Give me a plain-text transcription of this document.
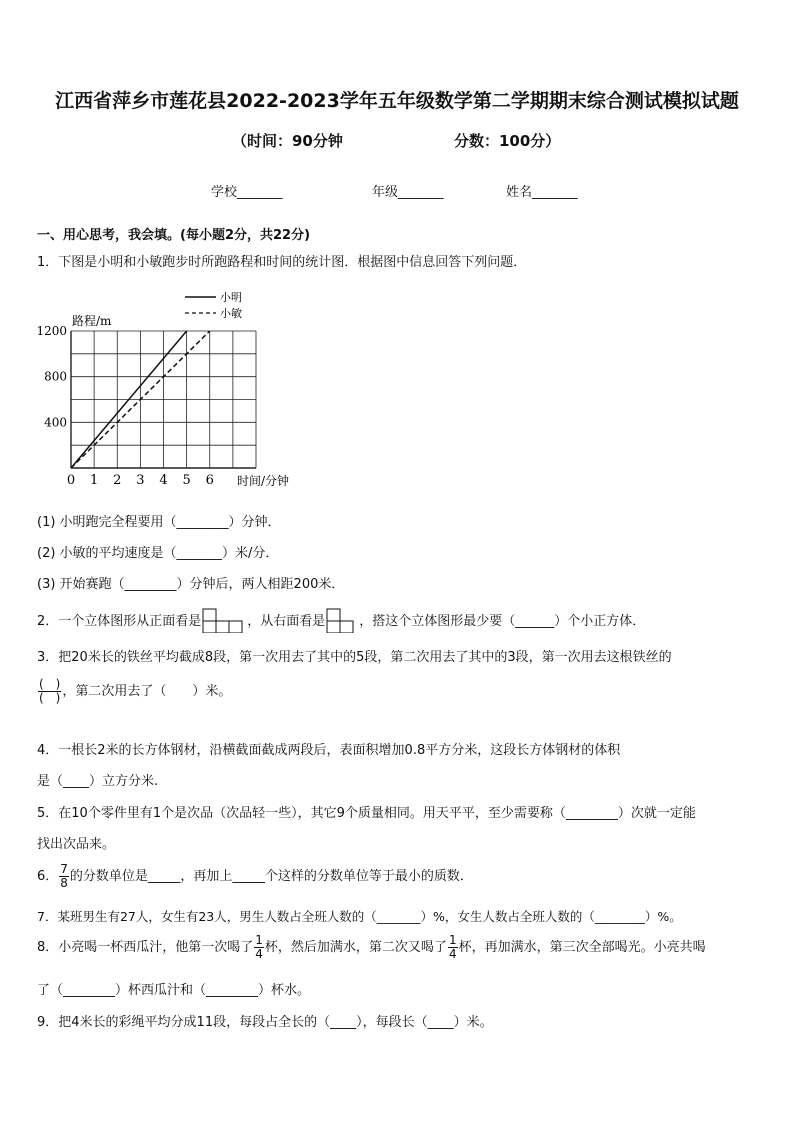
江西省萍乡市莲花县2022-2023学年五年级数学第二学期期末综合测试模拟试题
（时间：90分钟	分数：100分）
学校_______	年级_______	姓名_______
一、用心思考，我会填。(每小题2分，共22分)
1．下图是小明和小敏跑步时所跑路程和时间的统计图．根据图中信息回答下列问题．
0 1 2 3 4 5 6
400
800
1200
路程/m
时间/分钟
小明
小敏
(1) 小明跑完全程要用（________）分钟．
(2) 小敏的平均速度是（_______）米/分．
(3) 开始赛跑（________）分钟后，两人相距200米．
2．一个立体图形从正面看是	，从右面看是	，搭这个立体图形最少要（______）个小正方体．
3．把20米长的铁丝平均截成8段，第一次用去了其中的5段，第二次用去了其中的3段，第一次用去这根铁丝的
$\frac{( )}{( )}$ ，第二次用去了（　　）米。
4．一根长2米的长方体钢材，沿横截面截成两段后，表面积增加0.8平方分米，这段长方体钢材的体积
是（____）立方分米.
5．在10个零件里有1个是次品（次品轻一些），其它9个质量相同。用天平平，至少需要称（________）次就一定能
找出次品来。
6． $\frac{7}{8}$ 的分数单位是_____，再加上_____个这样的分数单位等于最小的质数．
7．某班男生有27人，女生有23人，男生人数占全班人数的（_______）%，女生人数占全班人数的（________）%。
8．小亮喝一杯西瓜汁，他第一次喝了 $\frac{1}{4}$ 杯，然后加满水，第二次又喝了 $\frac{1}{4}$ 杯，再加满水，第三次全部喝光。小亮共喝
了（________）杯西瓜汁和（________）杯水。
9．把4米长的彩绳平均分成11段，每段占全长的（____），每段长（____）米。
